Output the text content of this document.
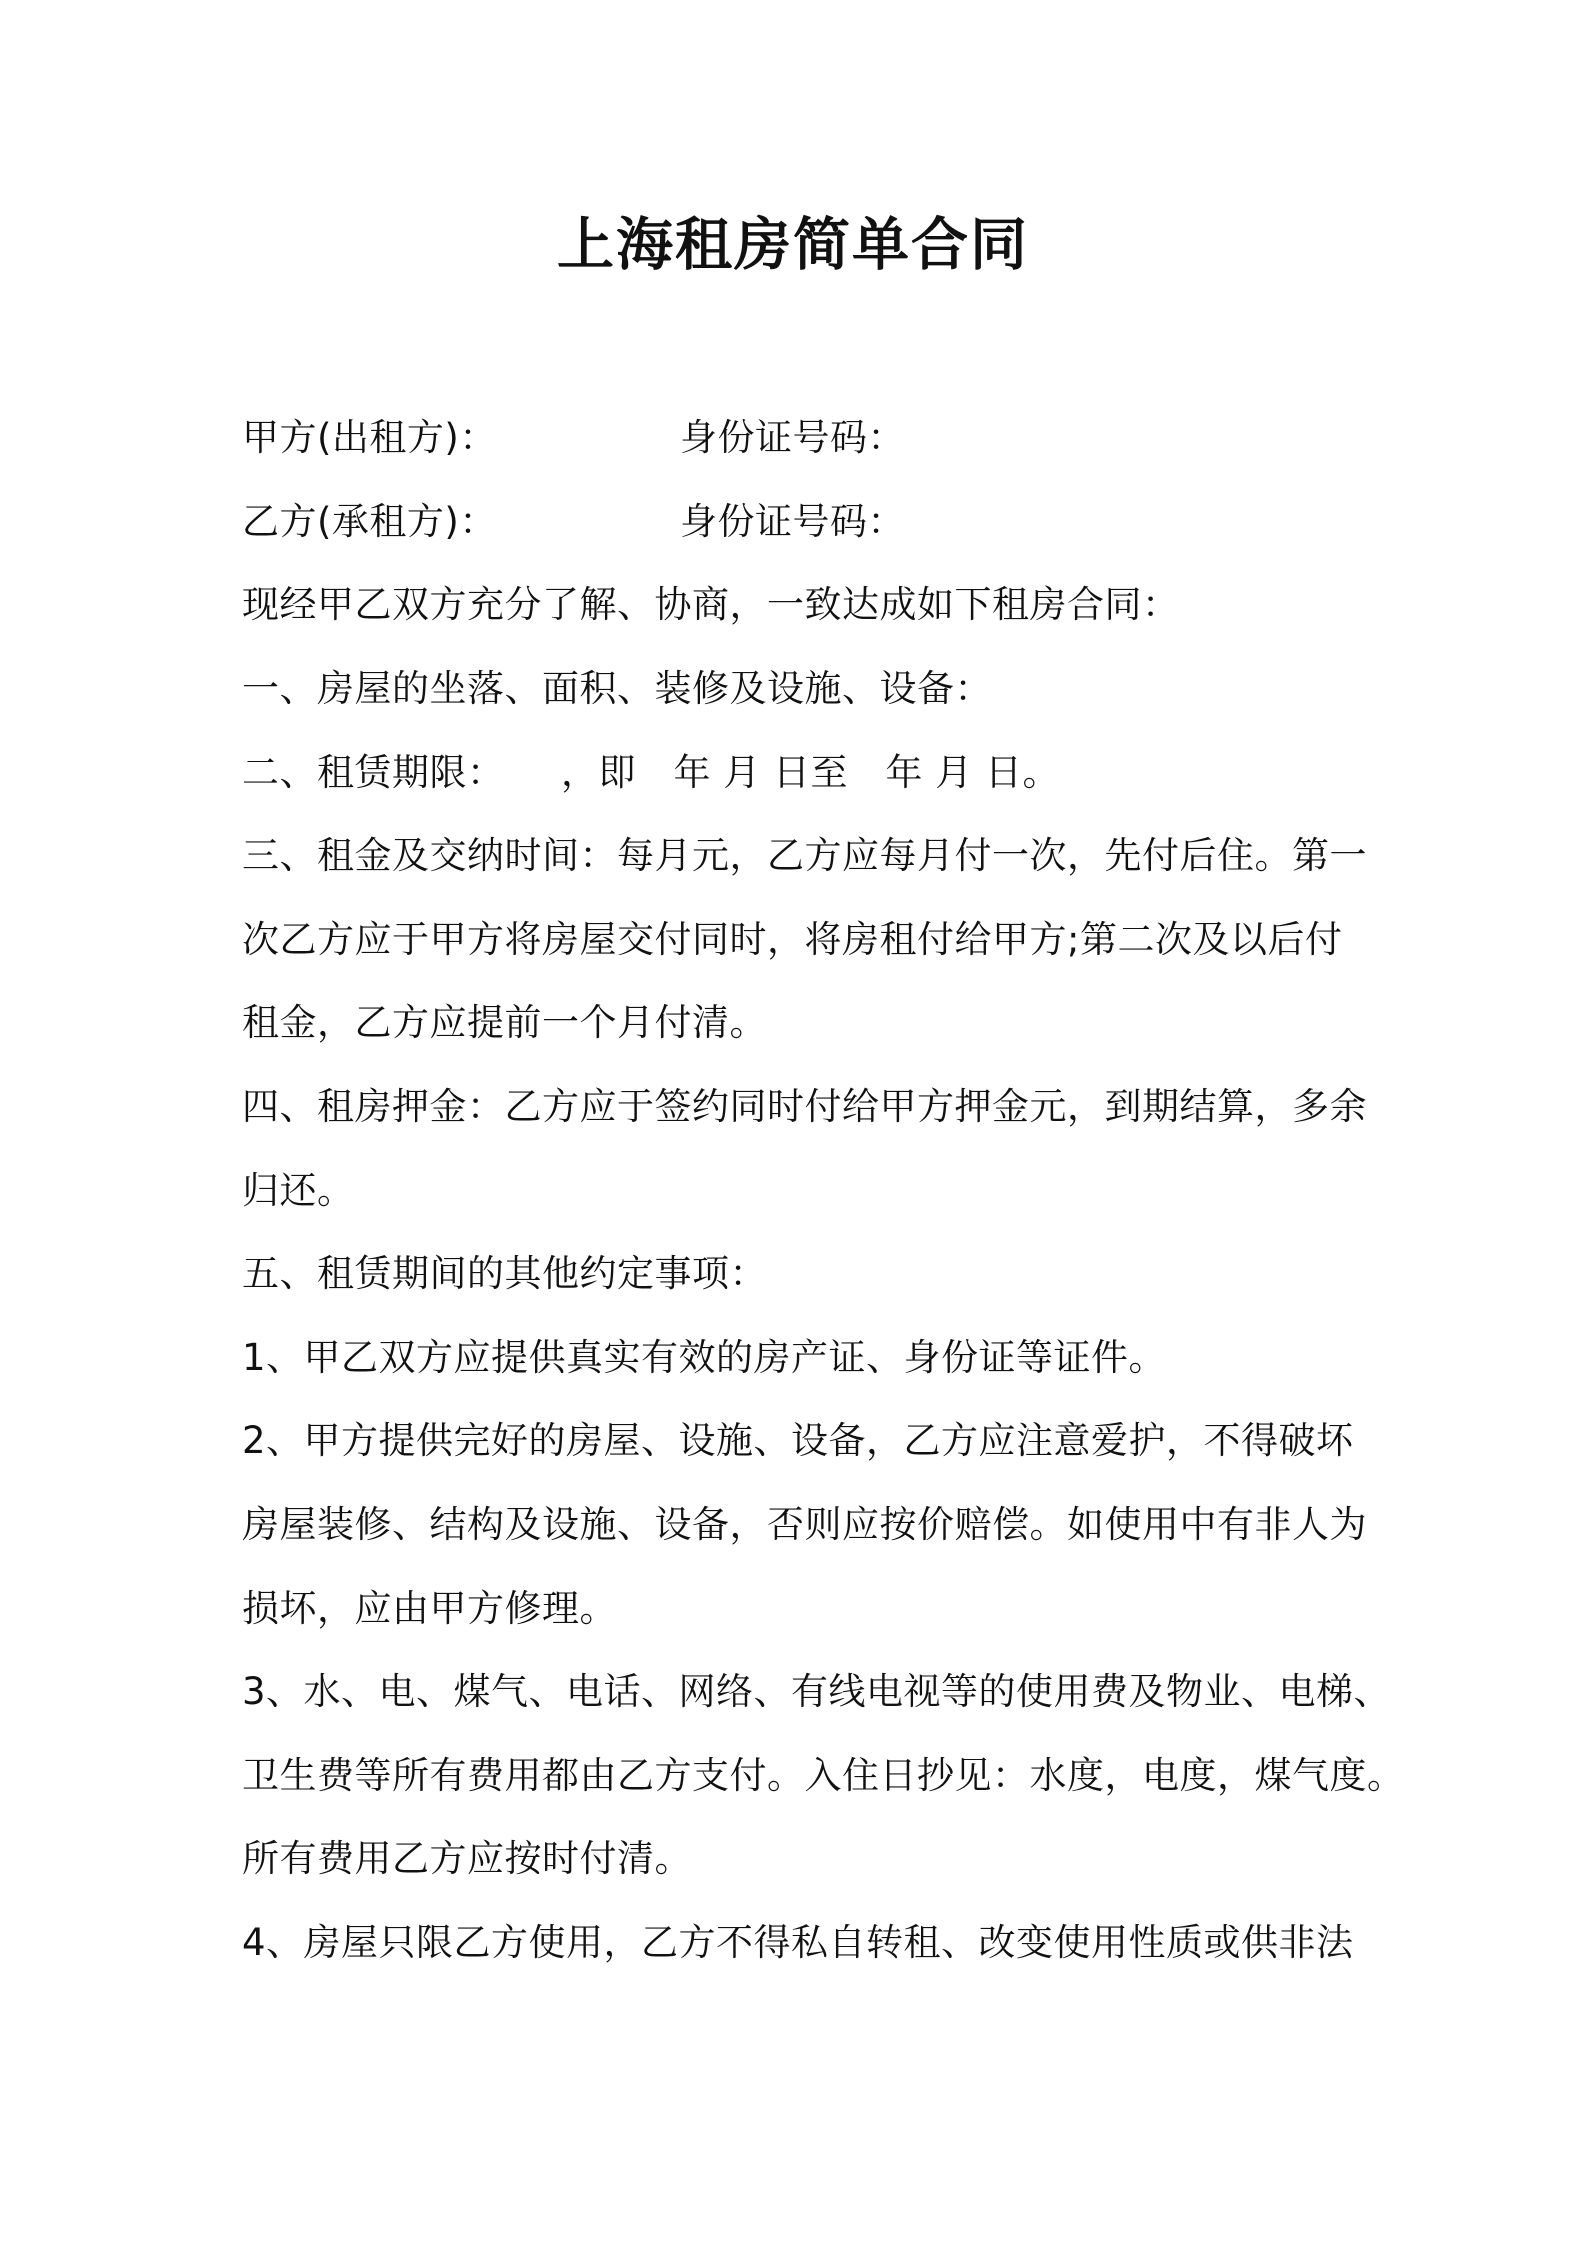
上海租房简单合同
甲方(出租方)：	身份证号码：
乙方(承租方)：	身份证号码：
现经甲乙双方充分了解、协商，一致达成如下租房合同：
一、房屋的坐落、面积、装修及设施、设备：
二、租赁期限：　　，即　年 月 日至　年 月 日。
三、租金及交纳时间：每月元，乙方应每月付一次，先付后住。第一
次乙方应于甲方将房屋交付同时，将房租付给甲方;第二次及以后付
租金，乙方应提前一个月付清。
四、租房押金：乙方应于签约同时付给甲方押金元，到期结算，多余
归还。
五、租赁期间的其他约定事项：
1、甲乙双方应提供真实有效的房产证、身份证等证件。
2、甲方提供完好的房屋、设施、设备，乙方应注意爱护，不得破坏
房屋装修、结构及设施、设备，否则应按价赔偿。如使用中有非人为
损坏，应由甲方修理。
3、水、电、煤气、电话、网络、有线电视等的使用费及物业、电梯、
卫生费等所有费用都由乙方支付。入住日抄见：水度，电度，煤气度。
所有费用乙方应按时付清。
4、房屋只限乙方使用，乙方不得私自转租、改变使用性质或供非法
